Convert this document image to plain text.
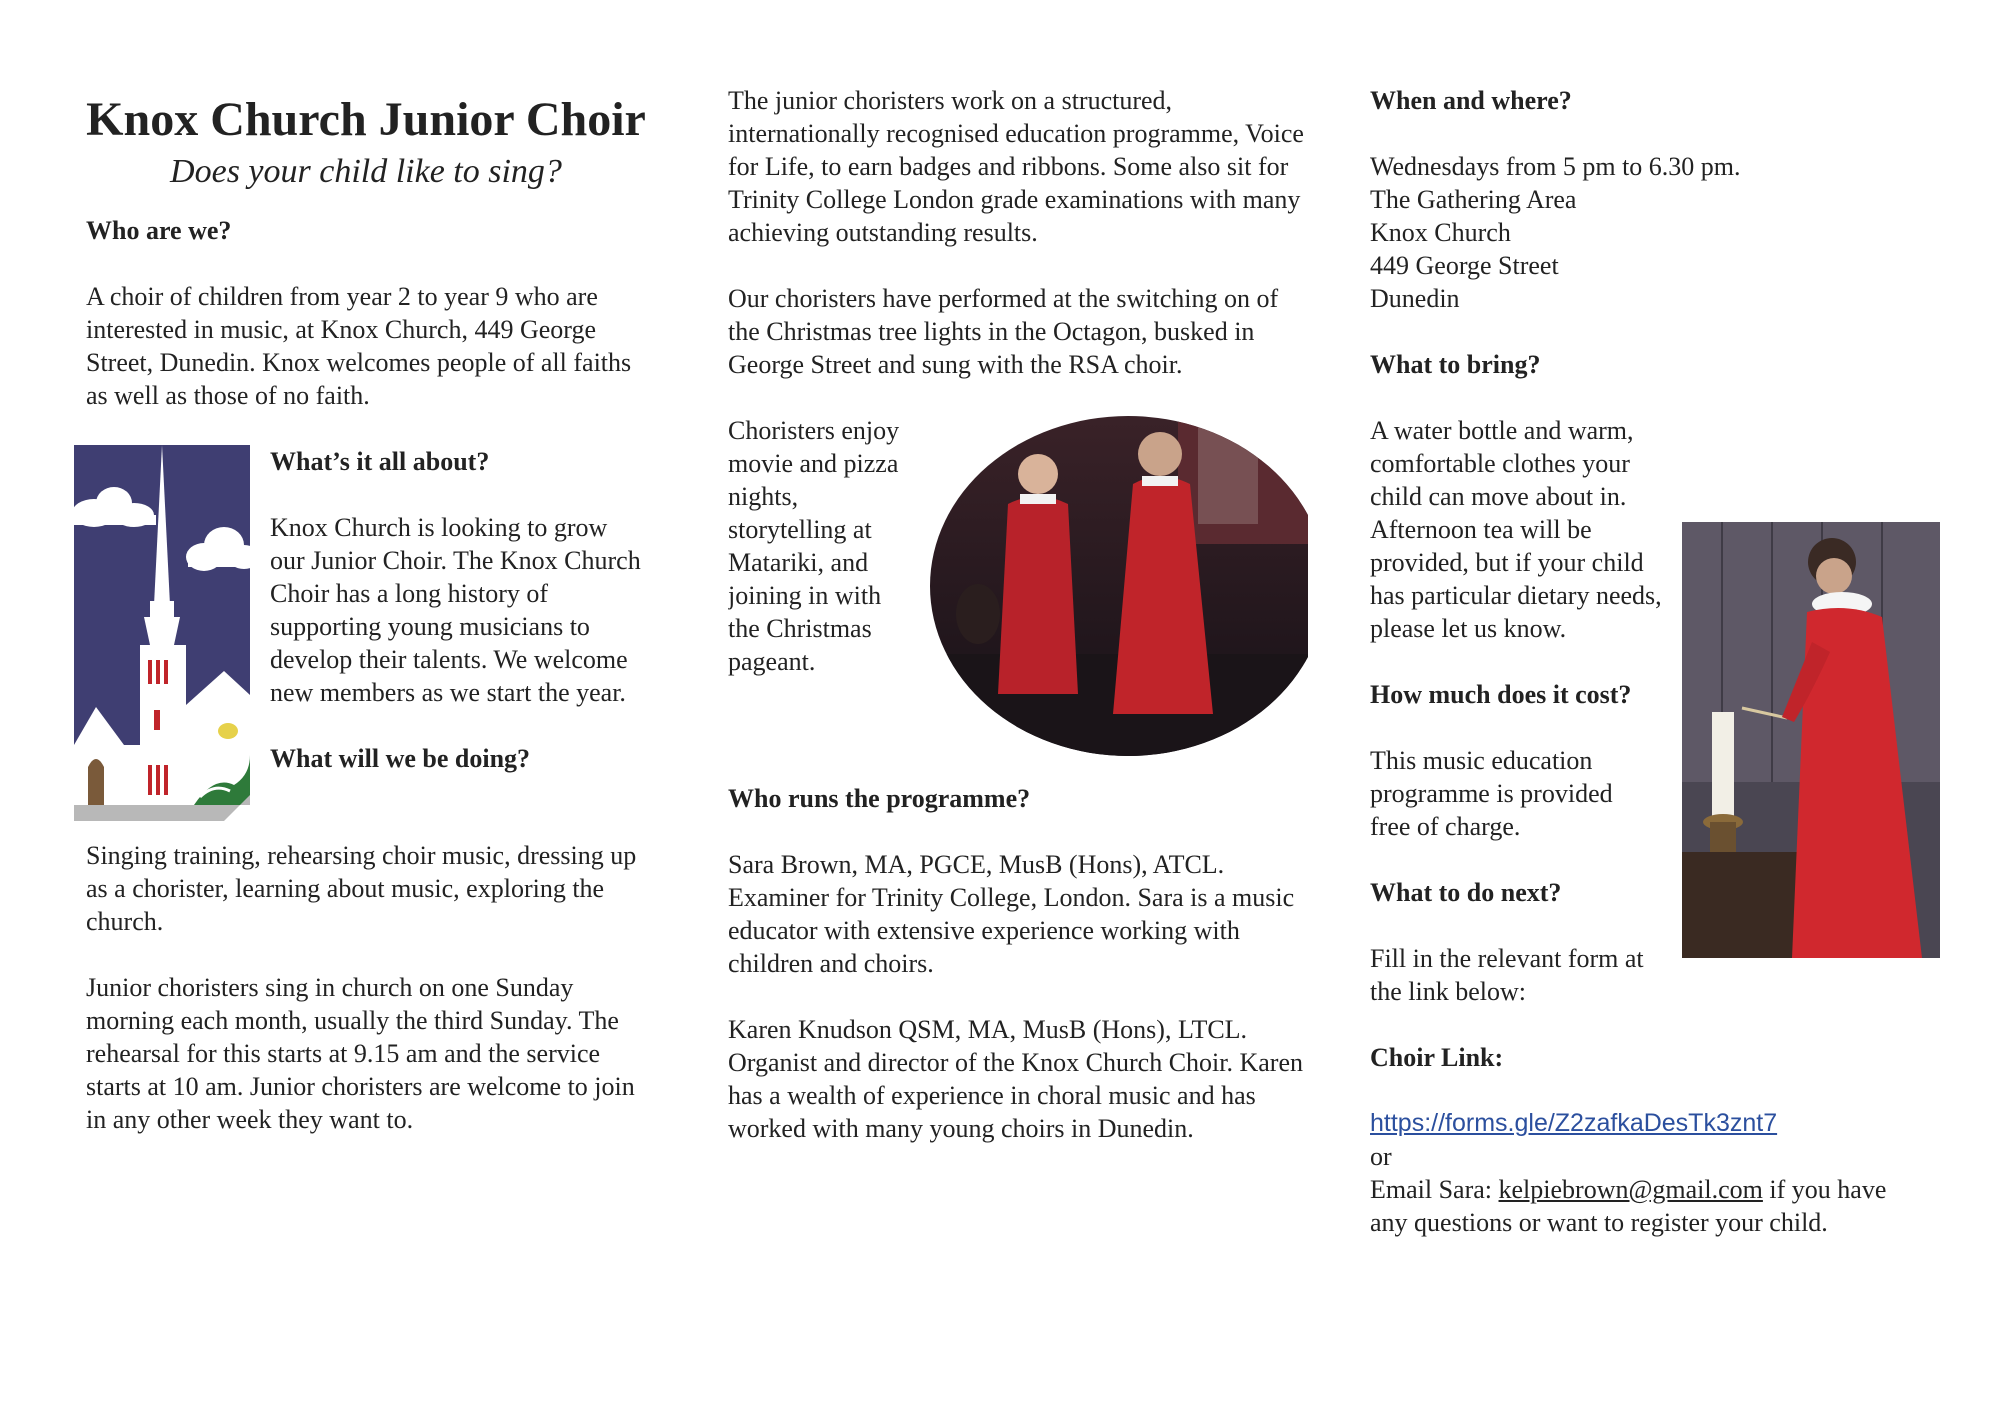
Knox Church Junior Choir
Does your child like to sing?
Who are we?

A choir of children from year 2 to year 9 who are interested in music, at Knox Church, 449 George Street, Dunedin. Knox welcomes people of all faiths as well as those of no faith.

What’s it all about?

Knox Church is looking to grow our Junior Choir. The Knox Church Choir has a long history of supporting young musicians to develop their talents. We welcome new members as we start the year.

What will we be doing?

Singing training, rehearsing choir music, dressing up as a chorister, learning about music, exploring the church.

Junior choristers sing in church on one Sunday morning each month, usually the third Sunday. The rehearsal for this starts at 9.15 am and the service starts at 10 am. Junior choristers are welcome to join in any other week they want to.

The junior choristers work on a structured, internationally recognised education programme, Voice for Life, to earn badges and ribbons. Some also sit for Trinity College London grade examinations with many achieving outstanding results.

Our choristers have performed at the switching on of the Christmas tree lights in the Octagon, busked in George Street and sung with the RSA choir.

Choristers enjoy movie and pizza nights, storytelling at Matariki, and joining in with the Christmas pageant.

Who runs the programme?

Sara Brown, MA, PGCE, MusB (Hons), ATCL. Examiner for Trinity College, London. Sara is a music educator with extensive experience working with children and choirs.

Karen Knudson QSM, MA, MusB (Hons), LTCL. Organist and director of the Knox Church Choir. Karen has a wealth of experience in choral music and has worked with many young choirs in Dunedin.

When and where?
Wednesdays from 5 pm to 6.30 pm.
The Gathering Area
Knox Church
449 George Street
Dunedin
What to bring?

A water bottle and warm, comfortable clothes your child can move about in. Afternoon tea will be provided, but if your child has particular dietary needs, please let us know.

How much does it cost?

This music education programme is provided free of charge.

What to do next?

Fill in the relevant form at the link below:

Choir Link:
https://forms.gle/Z2zafkaDesTk3znt7
or
Email Sara: kelpiebrown@gmail.com if you have any questions or want to register your child.
